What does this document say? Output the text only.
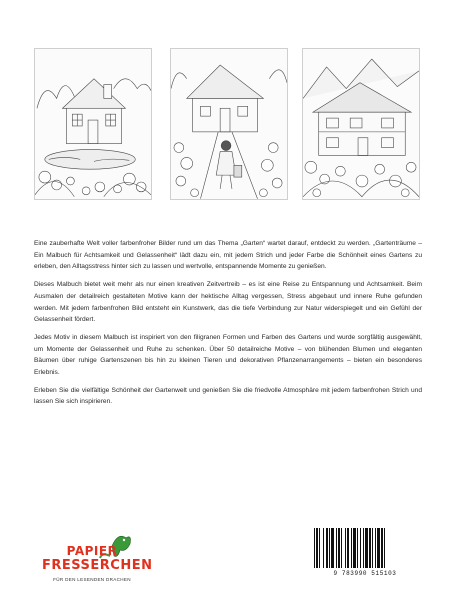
Eine zauberhafte Welt voller farbenfroher Bilder rund um das Thema „Garten“ wartet darauf, entdeckt zu werden. „Gartenträume – Ein Malbuch für Achtsamkeit und Gelassenheit“ lädt dazu ein, mit jedem Strich und jeder Farbe die Schönheit eines Gartens zu erleben, den Alltagsstress hinter sich zu lassen und wertvolle, entspannende Momente zu genießen.

Dieses Malbuch bietet weit mehr als nur einen kreativen Zeitvertreib – es ist eine Reise zu Entspannung und Achtsamkeit. Beim Ausmalen der detailreich gestalteten Motive kann der hektische Alltag vergessen, Stress abgebaut und innere Ruhe gefunden werden. Mit jedem farbenfrohen Bild entsteht ein Kunstwerk, das die tiefe Verbindung zur Natur widerspiegelt und ein Gefühl der Gelassenheit fördert.

Jedes Motiv in diesem Malbuch ist inspiriert von den filigranen Formen und Farben des Gartens und wurde sorgfältig ausgewählt, um Momente der Gelassenheit und Ruhe zu schenken. Über 50 detailreiche Motive – von blühenden Blumen und eleganten Bäumen über ruhige Gartenszenen bis hin zu kleinen Tieren und dekorativen Pflanzenarrangements – bieten ein besonderes Erlebnis.

Erleben Sie die vielfältige Schönheit der Gartenwelt und genießen Sie die friedvolle Atmosphäre mit jedem farbenfrohen Strich und lassen Sie sich inspirieren.

PAPIER
FRESSERCHEN
FÜR DEN LESENDEN DRACHEN
9 783990 515103
